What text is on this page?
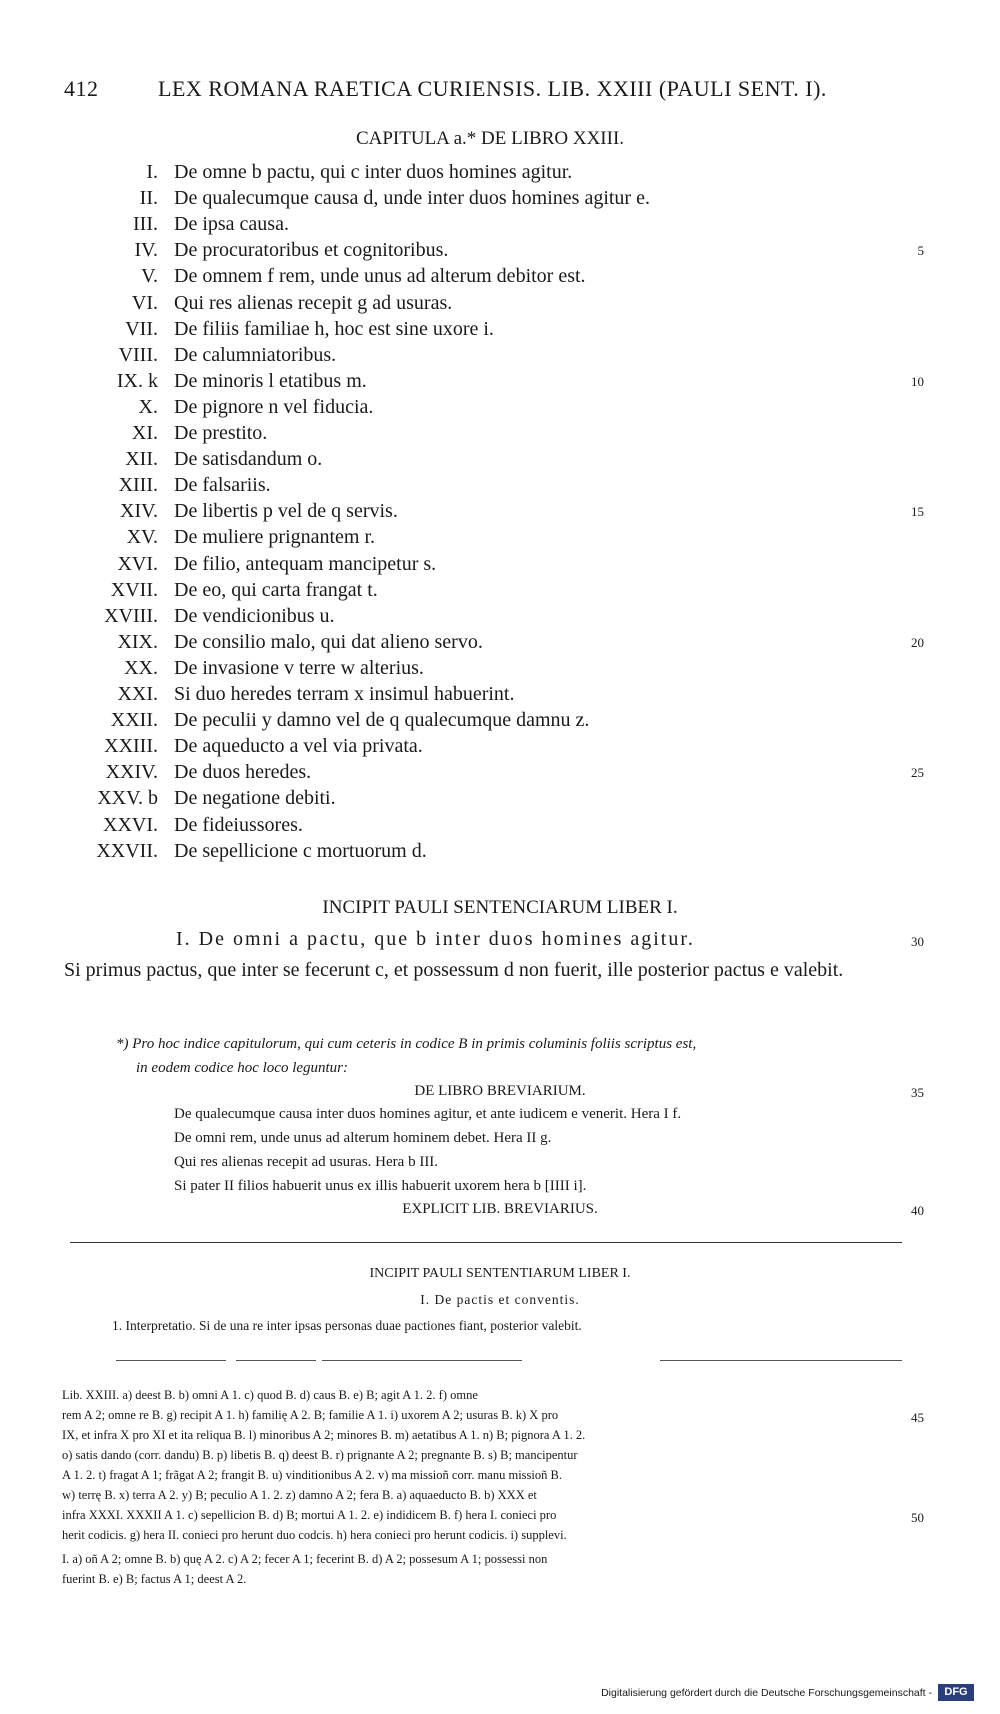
412	LEX ROMANA RAETICA CURIENSIS. LIB. XXIII (PAULI SENT. I).
CAPITULA a.* DE LIBRO XXIII.
I. De omne b pactu, qui c inter duos homines agitur.
II. De qualecumque causa d, unde inter duos homines agitur e.
III. De ipsa causa.
IV. De procuratoribus et cognitoribus.	5
V. De omnem f rem, unde unus ad alterum debitor est.
VI. Qui res alienas recepit g ad usuras.
VII. De filiis familiae h, hoc est sine uxore i.
VIII. De calumniatoribus.
IX. k De minoris l etatibus m.	10
X. De pignore n vel fiducia.
XI. De prestito.
XII. De satisdandum o.
XIII. De falsariis.
XIV. De libertis p vel de q servis.	15
XV. De muliere prignantem r.
XVI. De filio, antequam mancipetur s.
XVII. De eo, qui carta frangat t.
XVIII. De vendicionibus u.
XIX. De consilio malo, qui dat alieno servo.	20
XX. De invasione v terre w alterius.
XXI. Si duo heredes terram x insimul habuerint.
XXII. De peculii y damno vel de q qualecumque damnu z.
XXIII. De aqueducto a vel via privata.
XXIV. De duos heredes.	25
XXV. b De negatione debiti.
XXVI. De fideiussores.
XXVII. De sepellicione c mortuorum d.
INCIPIT PAULI SENTENCIARUM LIBER I.
I. De omni a pactu, que b inter duos homines agitur.	30
Si primus pactus, que inter se fecerunt c, et possessum d non fuerit, ille posterior pactus e valebit.
*) Pro hoc indice capitulorum, qui cum ceteris in codice B in primis columinis foliis scriptus est,
in eodem codice hoc loco leguntur:
DE LIBRO BREVIARIUM.	35
De qualecumque causa inter duos homines agitur, et ante iudicem e venerit. Hera I f.
De omni rem, unde unus ad alterum hominem debet. Hera II g.
Qui res alienas recepit ad usuras. Hera b III.
Si pater II filios habuerit unus ex illis habuerit uxorem hera b [IIII i].
EXPLICIT LIB. BREVIARIUS.	40
INCIPIT PAULI SENTENTIARUM LIBER I.
I. De pactis et conventis.
1. Interpretatio. Si de una re inter ipsas personas duae pactiones fiant, posterior valebit.
Lib. XXIII. a) deest B. b) omni A 1. c) quod B. d) caus B. e) B; agit A 1. 2. f) omne
rem A 2; omne re B. g) recipit A 1. h) familię A 2. B; familie A 1. i) uxorem A 2; usuras B. k) X pro	45
IX, et infra X pro XI et ita reliqua B. l) minoribus A 2; minores B. m) aetatibus A 1. n) B; pignora A 1. 2.
o) satis dando (corr. dandu) B. p) libetis B. q) deest B. r) prignante A 2; pregnante B. s) B; mancipentur
A 1. 2. t) fragat A 1; frãgat A 2; frangit B. u) vinditionibus A 2. v) ma missioñ corr. manu missioñ B.
w) terrę B. x) terra A 2. y) B; peculio A 1. 2. z) damno A 2; fera B. a) aquaeducto B. b) XXX et
infra XXXI. XXXII A 1. c) sepellicion B. d) B; mortui A 1. 2. e) indidicem B. f) hera I. conieci pro	50
herit codicis. g) hera II. conieci pro herunt duo codcis. h) hera conieci pro herunt codicis. i) supplevi.
I. a) oñ A 2; omne B. b) quę A 2. c) A 2; fecer A 1; fecerint B. d) A 2; possesum A 1; possessi non
fuerint B. e) B; factus A 1; deest A 2.
Digitalisierung gefördert durch die Deutsche Forschungsgemeinschaft -	DFG
